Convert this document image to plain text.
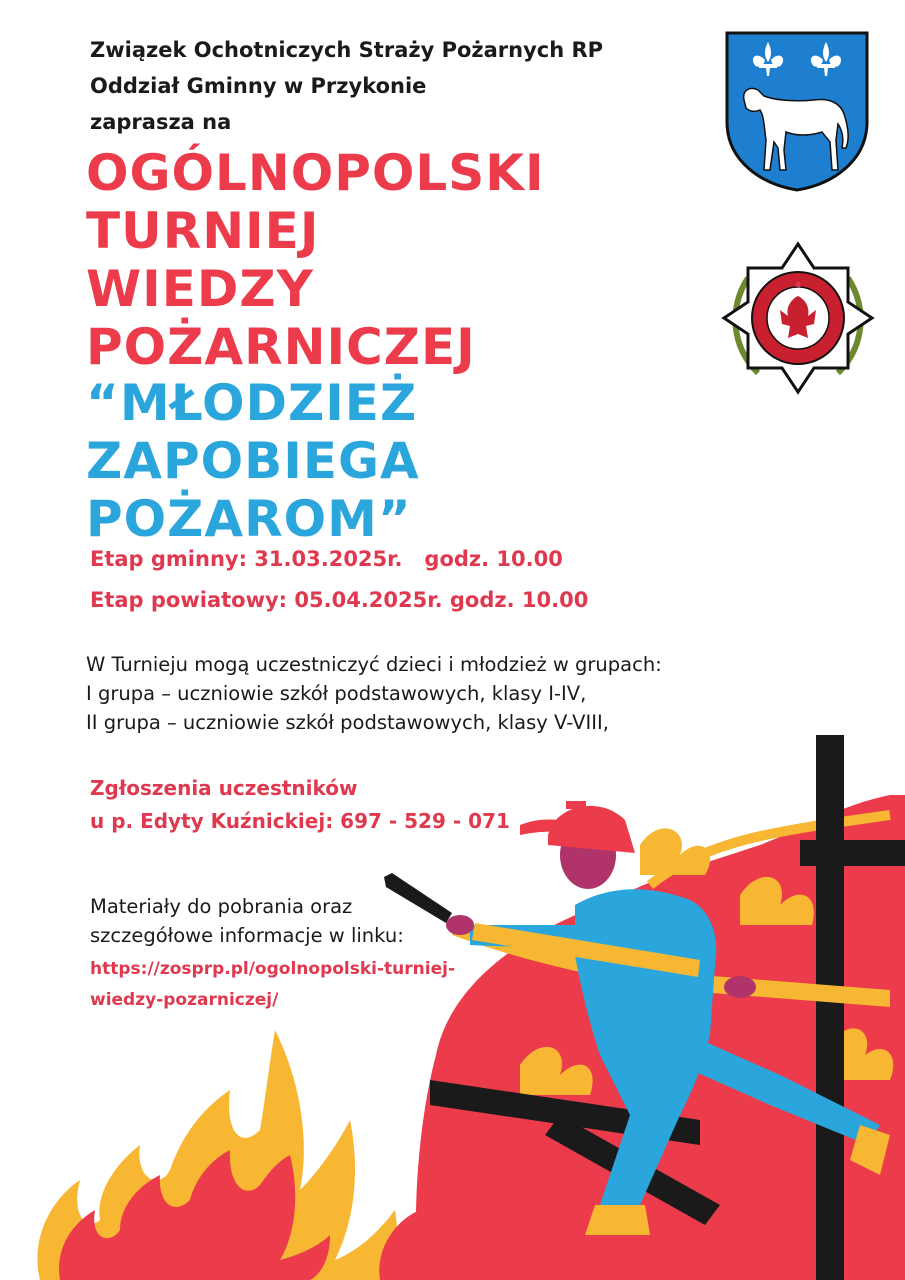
Związek Ochotniczych Straży Pożarnych RP
Oddział Gminny w Przykonie
zaprasza na
OGÓLNOPOLSKI
TURNIEJ
WIEDZY
POŻARNICZEJ
“MŁODZIEŻ
ZAPOBIEGA
POŻAROM”
Etap gminny: 31.03.2025r.   godz. 10.00
Etap powiatowy: 05.04.2025r. godz. 10.00
W Turnieju mogą uczestniczyć dzieci i młodzież w grupach:
I grupa – uczniowie szkół podstawowych, klasy I-IV,
II grupa – uczniowie szkół podstawowych, klasy V-VIII,
Zgłoszenia uczestników
u p. Edyty Kuźnickiej: 697 - 529 - 071
Materiały do pobrania oraz
szczegółowe informacje w linku:
https://zosprp.pl/ogolnopolski-turniej-
wiedzy-pozarniczej/
